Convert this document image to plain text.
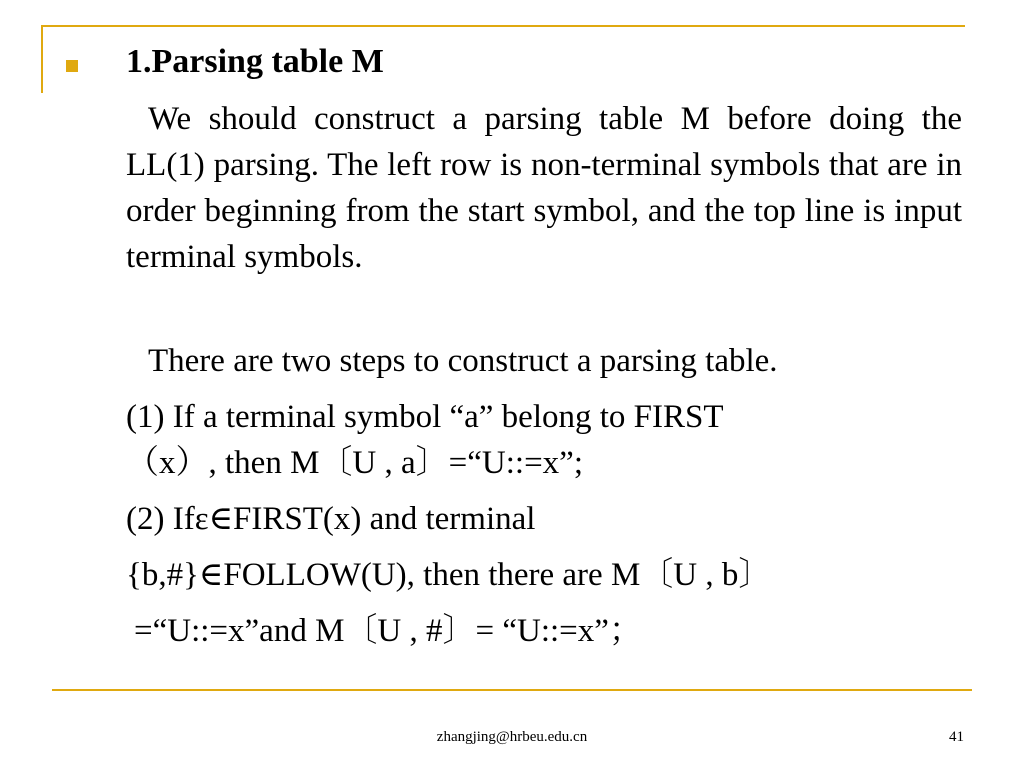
1.Parsing table M

We should construct a parsing table M before doing the LL(1) parsing. The left row is non-terminal symbols that are in order beginning from the start symbol, and the top line is input terminal symbols.

There are two steps to construct a parsing table.

(1) If a terminal symbol “a” belong to FIRST

（x）, then M〔U , a〕=“U::=x”;

(2) Ifε∈FIRST(x) and terminal

{b,#}∈FOLLOW(U), then there are M〔U , b〕

=“U::=x”and M〔U , #〕= “U::=x”；

zhangjing@hrbeu.edu.cn	41
